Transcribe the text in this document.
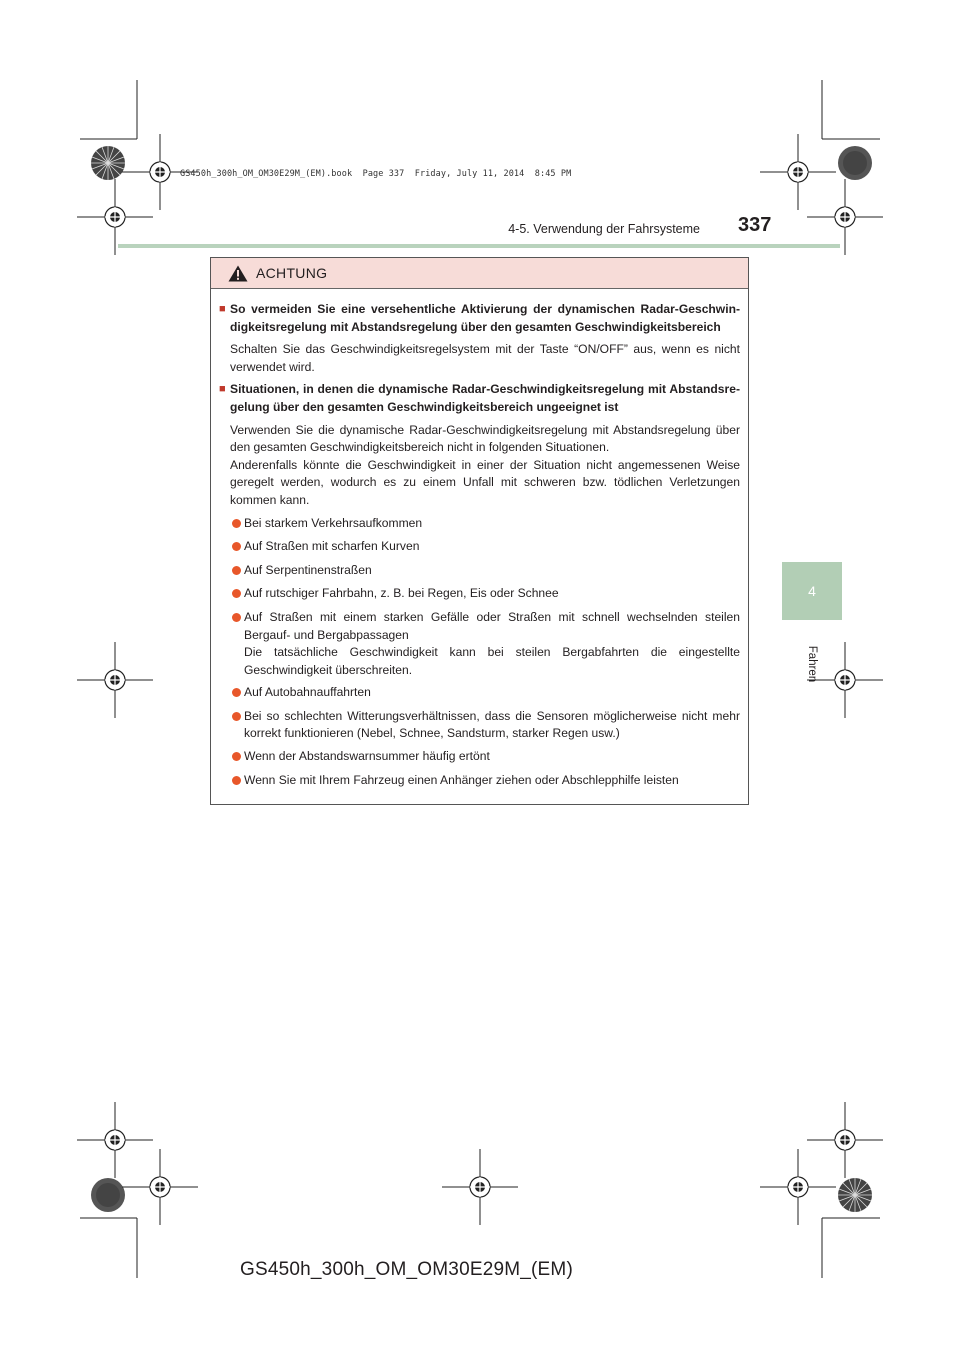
GS450h_300h_OM_OM30E29M_(EM).book  Page 337  Friday, July 11, 2014  8:45 PM
337
4-5. Verwendung der Fahrsysteme
4
Fahren
ACHTUNG
■ So vermeiden Sie eine versehentliche Aktivierung der dynamischen Radar-Geschwin-digkeitsregelung mit Abstandsregelung über den gesamten Geschwindigkeitsbereich
Schalten Sie das Geschwindigkeitsregelsystem mit der Taste “ON/OFF” aus, wenn es nicht verwendet wird.
■ Situationen, in denen die dynamische Radar-Geschwindigkeitsregelung mit Abstandsre-gelung über den gesamten Geschwindigkeitsbereich ungeeignet ist
Verwenden Sie die dynamische Radar-Geschwindigkeitsregelung mit Abstandsregelung über den gesamten Geschwindigkeitsbereich nicht in folgenden Situationen.
Anderenfalls könnte die Geschwindigkeit in einer der Situation nicht angemessenen Weise geregelt werden, wodurch es zu einem Unfall mit schweren bzw. tödlichen Verletzungen kommen kann.
Bei starkem Verkehrsaufkommen
Auf Straßen mit scharfen Kurven
Auf Serpentinenstraßen
Auf rutschiger Fahrbahn, z. B. bei Regen, Eis oder Schnee
Auf Straßen mit einem starken Gefälle oder Straßen mit schnell wechselnden steilen Bergauf- und Bergabpassagen
Die tatsächliche Geschwindigkeit kann bei steilen Bergabfahrten die eingestellte Geschwindigkeit überschreiten.
Auf Autobahnauffahrten
Bei so schlechten Witterungsverhältnissen, dass die Sensoren möglicherweise nicht mehr korrekt funktionieren (Nebel, Schnee, Sandsturm, starker Regen usw.)
Wenn der Abstandswarnsummer häufig ertönt
Wenn Sie mit Ihrem Fahrzeug einen Anhänger ziehen oder Abschlepphilfe leisten
GS450h_300h_OM_OM30E29M_(EM)
